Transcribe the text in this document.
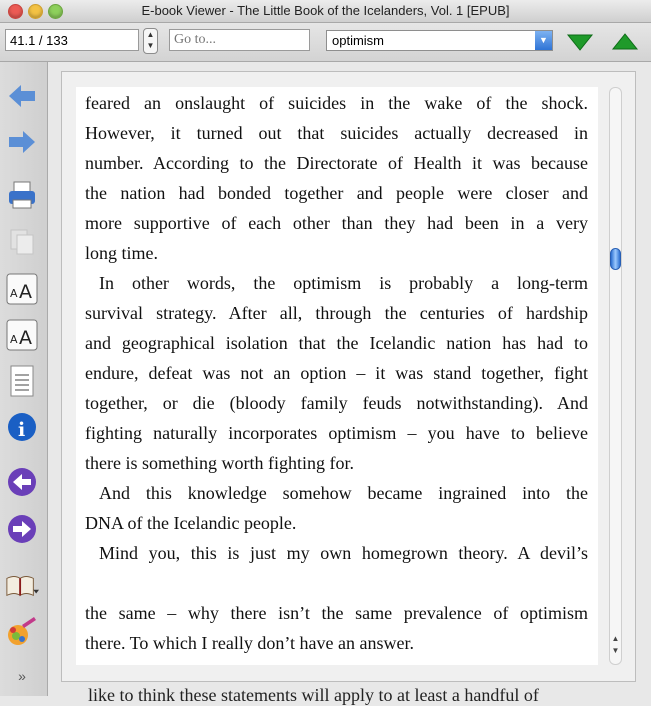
E-book Viewer - The Little Book of the Icelanders, Vol. 1 [EPUB]
41.1 / 133	▲
▼
Go to...	optimism	▼
A A
A A
i
»
feared an onslaught of suicides in the wake of the shock.
However, it turned out that suicides actually decreased in
number. According to the Directorate of Health it was because
the nation had bonded together and people were closer and
more supportive of each other than they had been in a very
long time.
In other words, the optimism is probably a long-term
survival strategy. After all, through the centuries of hardship
and geographical isolation that the Icelandic nation has had to
endure, defeat was not an option – it was stand together, fight
together, or die (bloody family feuds notwithstanding). And
fighting naturally incorporates optimism – you have to believe
there is something worth fighting for.
And this knowledge somehow became ingrained into the
DNA of the Icelandic people.
Mind you, this is just my own homegrown theory. A devil’s
the same – why there isn’t the same prevalence of optimism
there. To which I really don’t have an answer.	▲
▼
like to think these statements will apply to at least a handful of
